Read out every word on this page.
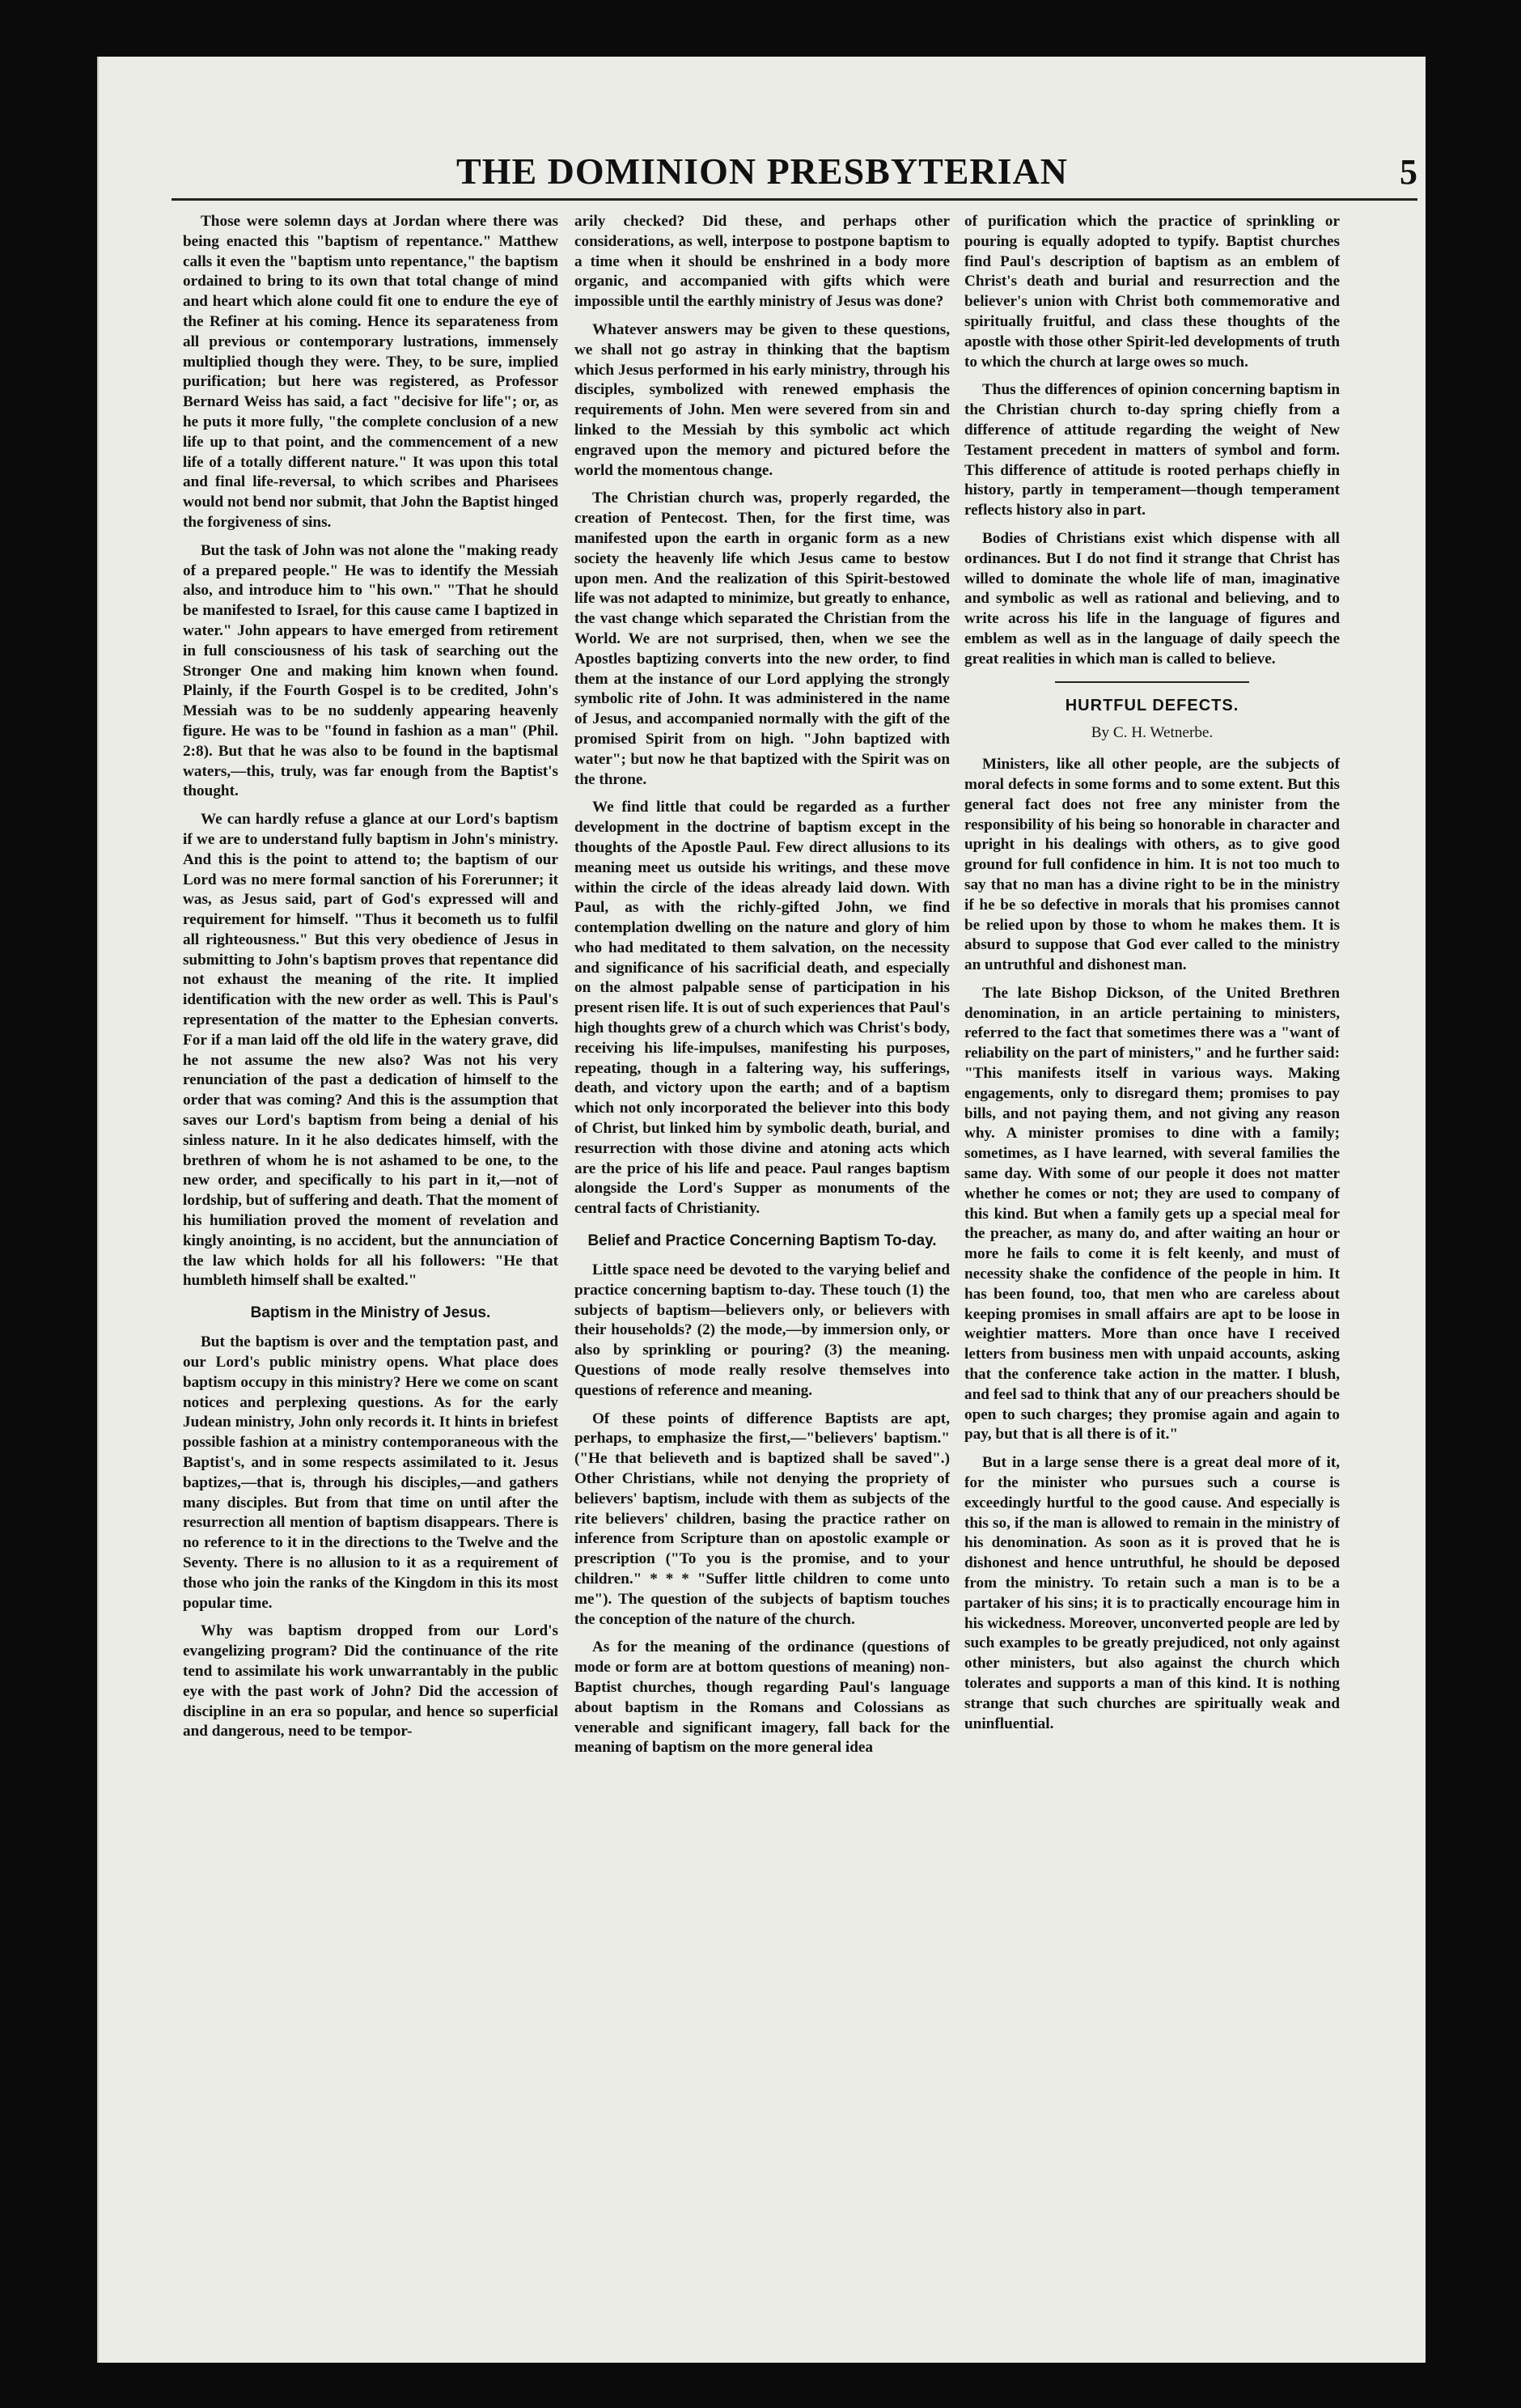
THE DOMINION PRESBYTERIAN	5

Those were solemn days at Jordan where there was being enacted this "baptism of repentance." Matthew calls it even the "baptism unto repentance," the baptism ordained to bring to its own that total change of mind and heart which alone could fit one to endure the eye of the Refiner at his coming. Hence its separateness from all previous or contemporary lustrations, immensely multiplied though they were. They, to be sure, implied purification; but here was registered, as Professor Bernard Weiss has said, a fact "decisive for life"; or, as he puts it more fully, "the complete conclusion of a new life up to that point, and the commencement of a new life of a totally different nature." It was upon this total and final life-reversal, to which scribes and Pharisees would not bend nor submit, that John the Baptist hinged the forgiveness of sins.

But the task of John was not alone the "making ready of a prepared people." He was to identify the Messiah also, and introduce him to "his own." "That he should be manifested to Israel, for this cause came I baptized in water." John appears to have emerged from retirement in full consciousness of his task of searching out the Stronger One and making him known when found. Plainly, if the Fourth Gospel is to be credited, John's Messiah was to be no suddenly appearing heavenly figure. He was to be "found in fashion as a man" (Phil. 2:8). But that he was also to be found in the baptismal waters,—this, truly, was far enough from the Baptist's thought.

We can hardly refuse a glance at our Lord's baptism if we are to understand fully baptism in John's ministry. And this is the point to attend to; the baptism of our Lord was no mere formal sanction of his Forerunner; it was, as Jesus said, part of God's expressed will and requirement for himself. "Thus it becometh us to fulfil all righteousness." But this very obedience of Jesus in submitting to John's baptism proves that repentance did not exhaust the meaning of the rite. It implied identification with the new order as well. This is Paul's representation of the matter to the Ephesian converts. For if a man laid off the old life in the watery grave, did he not assume the new also? Was not his very renunciation of the past a dedication of himself to the order that was coming? And this is the assumption that saves our Lord's baptism from being a denial of his sinless nature. In it he also dedicates himself, with the brethren of whom he is not ashamed to be one, to the new order, and specifically to his part in it,—not of lordship, but of suffering and death. That the moment of his humiliation proved the moment of revelation and kingly anointing, is no accident, but the annunciation of the law which holds for all his followers: "He that humbleth himself shall be exalted."

Baptism in the Ministry of Jesus.

But the baptism is over and the temptation past, and our Lord's public ministry opens. What place does baptism occupy in this ministry? Here we come on scant notices and perplexing questions. As for the early Judean ministry, John only records it. It hints in briefest possible fashion at a ministry contemporaneous with the Baptist's, and in some respects assimilated to it. Jesus baptizes,—that is, through his disciples,—and gathers many disciples. But from that time on until after the resurrection all mention of baptism disappears. There is no reference to it in the directions to the Twelve and the Seventy. There is no allusion to it as a requirement of those who join the ranks of the Kingdom in this its most popular time.

Why was baptism dropped from our Lord's evangelizing program? Did the continuance of the rite tend to assimilate his work unwarrantably in the public eye with the past work of John? Did the accession of discipline in an era so popular, and hence so superficial and dangerous, need to be tempor-

arily checked? Did these, and perhaps other considerations, as well, interpose to postpone baptism to a time when it should be enshrined in a body more organic, and accompanied with gifts which were impossible until the earthly ministry of Jesus was done?

Whatever answers may be given to these questions, we shall not go astray in thinking that the baptism which Jesus performed in his early ministry, through his disciples, symbolized with renewed emphasis the requirements of John. Men were severed from sin and linked to the Messiah by this symbolic act which engraved upon the memory and pictured before the world the momentous change.

The Christian church was, properly regarded, the creation of Pentecost. Then, for the first time, was manifested upon the earth in organic form as a new society the heavenly life which Jesus came to bestow upon men. And the realization of this Spirit-bestowed life was not adapted to minimize, but greatly to enhance, the vast change which separated the Christian from the World. We are not surprised, then, when we see the Apostles baptizing converts into the new order, to find them at the instance of our Lord applying the strongly symbolic rite of John. It was administered in the name of Jesus, and accompanied normally with the gift of the promised Spirit from on high. "John baptized with water"; but now he that baptized with the Spirit was on the throne.

We find little that could be regarded as a further development in the doctrine of baptism except in the thoughts of the Apostle Paul. Few direct allusions to its meaning meet us outside his writings, and these move within the circle of the ideas already laid down. With Paul, as with the richly-gifted John, we find contemplation dwelling on the nature and glory of him who had meditated to them salvation, on the necessity and significance of his sacrificial death, and especially on the almost palpable sense of participation in his present risen life. It is out of such experiences that Paul's high thoughts grew of a church which was Christ's body, receiving his life-impulses, manifesting his purposes, repeating, though in a faltering way, his sufferings, death, and victory upon the earth; and of a baptism which not only incorporated the believer into this body of Christ, but linked him by symbolic death, burial, and resurrection with those divine and atoning acts which are the price of his life and peace. Paul ranges baptism alongside the Lord's Supper as monuments of the central facts of Christianity.

Belief and Practice Concerning Baptism To-day.

Little space need be devoted to the varying belief and practice concerning baptism to-day. These touch (1) the subjects of baptism—believers only, or believers with their households? (2) the mode,—by immersion only, or also by sprinkling or pouring? (3) the meaning. Questions of mode really resolve themselves into questions of reference and meaning.

Of these points of difference Baptists are apt, perhaps, to emphasize the first,—"believers' baptism." ("He that believeth and is baptized shall be saved".) Other Christians, while not denying the propriety of believers' baptism, include with them as subjects of the rite believers' children, basing the practice rather on inference from Scripture than on apostolic example or prescription ("To you is the promise, and to your children." * * * "Suffer little children to come unto me"). The question of the subjects of baptism touches the conception of the nature of the church.

As for the meaning of the ordinance (questions of mode or form are at bottom questions of meaning) non-Baptist churches, though regarding Paul's language about baptism in the Romans and Colossians as venerable and significant imagery, fall back for the meaning of baptism on the more general idea

of purification which the practice of sprinkling or pouring is equally adopted to typify. Baptist churches find Paul's description of baptism as an emblem of Christ's death and burial and resurrection and the believer's union with Christ both commemorative and spiritually fruitful, and class these thoughts of the apostle with those other Spirit-led developments of truth to which the church at large owes so much.

Thus the differences of opinion concerning baptism in the Christian church to-day spring chiefly from a difference of attitude regarding the weight of New Testament precedent in matters of symbol and form. This difference of attitude is rooted perhaps chiefly in history, partly in temperament—though temperament reflects history also in part.

Bodies of Christians exist which dispense with all ordinances. But I do not find it strange that Christ has willed to dominate the whole life of man, imaginative and symbolic as well as rational and believing, and to write across his life in the language of figures and emblem as well as in the language of daily speech the great realities in which man is called to believe.

HURTFUL DEFECTS.

By C. H. Wetnerbe.

Ministers, like all other people, are the subjects of moral defects in some forms and to some extent. But this general fact does not free any minister from the responsibility of his being so honorable in character and upright in his dealings with others, as to give good ground for full confidence in him. It is not too much to say that no man has a divine right to be in the ministry if he be so defective in morals that his promises cannot be relied upon by those to whom he makes them. It is absurd to suppose that God ever called to the ministry an untruthful and dishonest man.

The late Bishop Dickson, of the United Brethren denomination, in an article pertaining to ministers, referred to the fact that sometimes there was a "want of reliability on the part of ministers," and he further said: "This manifests itself in various ways. Making engagements, only to disregard them; promises to pay bills, and not paying them, and not giving any reason why. A minister promises to dine with a family; sometimes, as I have learned, with several families the same day. With some of our people it does not matter whether he comes or not; they are used to company of this kind. But when a family gets up a special meal for the preacher, as many do, and after waiting an hour or more he fails to come it is felt keenly, and must of necessity shake the confidence of the people in him. It has been found, too, that men who are careless about keeping promises in small affairs are apt to be loose in weightier matters. More than once have I received letters from business men with unpaid accounts, asking that the conference take action in the matter. I blush, and feel sad to think that any of our preachers should be open to such charges; they promise again and again to pay, but that is all there is of it."

But in a large sense there is a great deal more of it, for the minister who pursues such a course is exceedingly hurtful to the good cause. And especially is this so, if the man is allowed to remain in the ministry of his denomination. As soon as it is proved that he is dishonest and hence untruthful, he should be deposed from the ministry. To retain such a man is to be a partaker of his sins; it is to practically encourage him in his wickedness. Moreover, unconverted people are led by such examples to be greatly prejudiced, not only against other ministers, but also against the church which tolerates and supports a man of this kind. It is nothing strange that such churches are spiritually weak and uninfluential.
